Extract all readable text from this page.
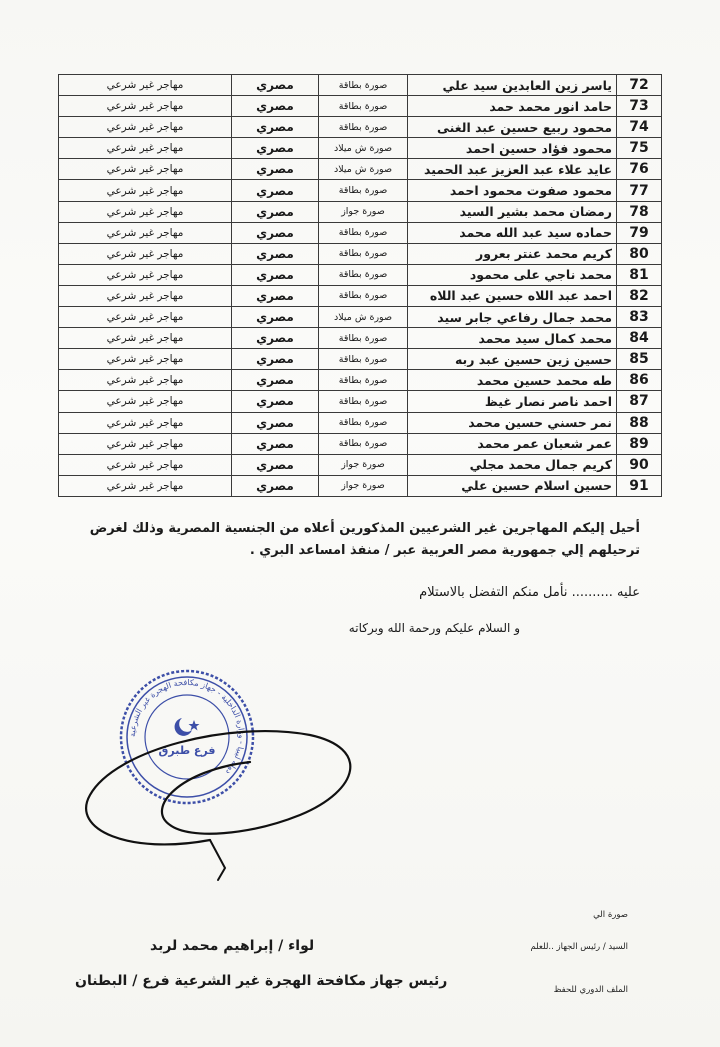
72	ياسر زين العابدين سيد علي	صورة بطاقة	مصري	مهاجر غير شرعي
73	حامد انور محمد حمد	صورة بطاقة	مصري	مهاجر غير شرعي
74	محمود ربيع حسين عبد الغنى	صورة بطاقة	مصري	مهاجر غير شرعي
75	محمود فؤاد حسين احمد	صورة ش ميلاد	مصري	مهاجر غير شرعي
76	عايد علاء عبد العزيز عبد الحميد	صورة ش ميلاد	مصري	مهاجر غير شرعي
77	محمود صفوت محمود احمد	صورة بطاقة	مصري	مهاجر غير شرعي
78	رمضان محمد بشير السيد	صورة جواز	مصري	مهاجر غير شرعي
79	حماده سيد عبد الله محمد	صورة بطاقة	مصري	مهاجر غير شرعي
80	كريم محمد عنتر بعرور	صورة بطاقة	مصري	مهاجر غير شرعي
81	محمد ناجي على محمود	صورة بطاقة	مصري	مهاجر غير شرعي
82	احمد عبد اللاه حسين عبد اللاه	صورة بطاقة	مصري	مهاجر غير شرعي
83	محمد جمال رفاعي جابر سيد	صورة ش ميلاد	مصري	مهاجر غير شرعي
84	محمد كمال سيد محمد	صورة بطاقة	مصري	مهاجر غير شرعي
85	حسين زين حسين عبد ربه	صورة بطاقة	مصري	مهاجر غير شرعي
86	طه محمد حسين محمد	صورة بطاقة	مصري	مهاجر غير شرعي
87	احمد ناصر نصار غيظ	صورة بطاقة	مصري	مهاجر غير شرعي
88	نمر حسني حسين محمد	صورة بطاقة	مصري	مهاجر غير شرعي
89	عمر شعبان عمر محمد	صورة بطاقة	مصري	مهاجر غير شرعي
90	كريم جمال محمد مجلي	صورة جواز	مصري	مهاجر غير شرعي
91	حسين اسلام حسين علي	صورة جواز	مصري	مهاجر غير شرعي
أحيل إليكم المهاجرين غير الشرعيين المذكورين أعلاه من الجنسية المصرية وذلك لغرض ترحيلهم إلي جمهورية مصر العربية عبر / منفذ امساعد البري .
عليه .......... نأمل منكم التفضل بالاستلام
و السلام عليكم ورحمة الله وبركاته
دولة ليبيا - وزارة الداخلية - جهاز مكافحة الهجرة غير الشرعية
فرع طبرق
صورة الي
السيد / رئيس الجهاز ..للعلم
الملف الدوري للحفظ
لواء / إبراهيم محمد لربد
رئيس جهاز مكافحة الهجرة غير الشرعية فرع / البطنان
